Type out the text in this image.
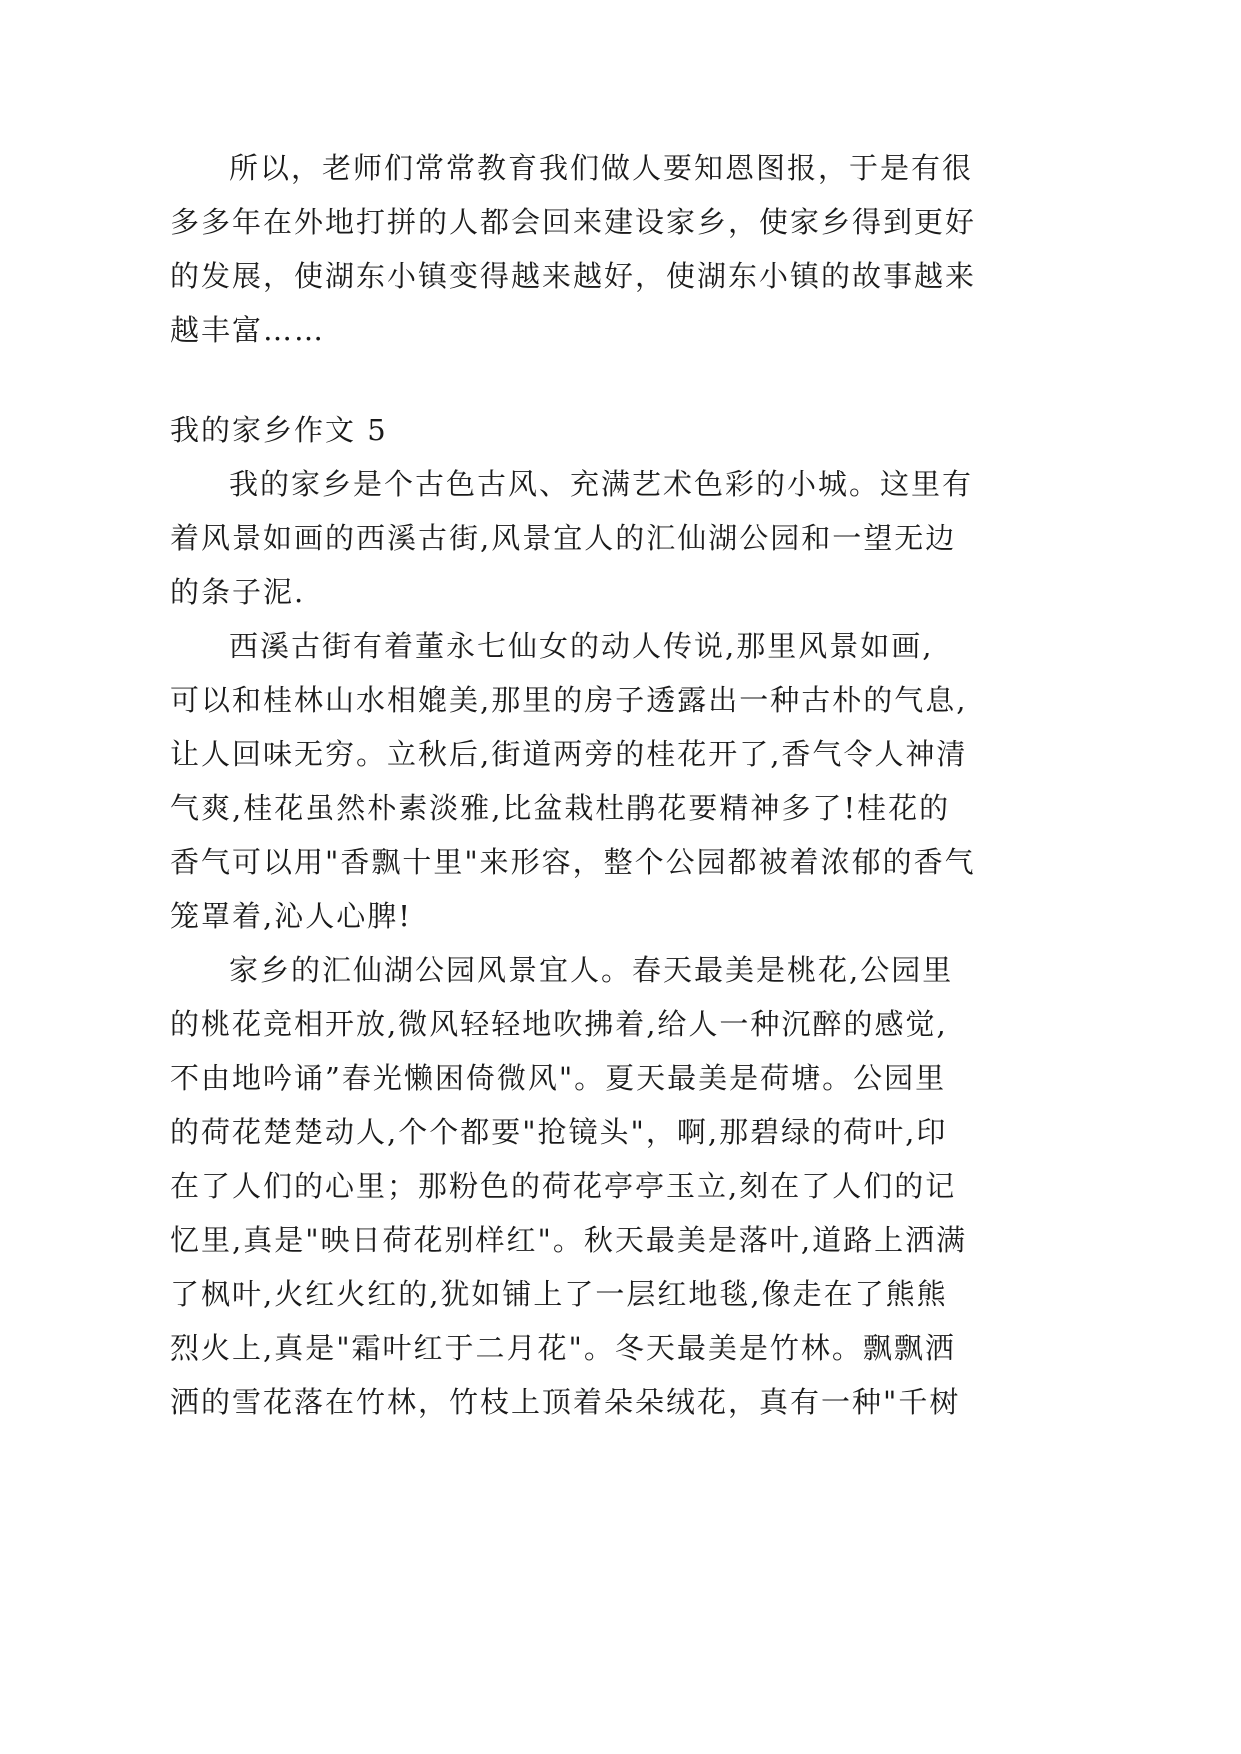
所以，老师们常常教育我们做人要知恩图报，于是有很
多多年在外地打拼的人都会回来建设家乡，使家乡得到更好
的发展，使湖东小镇变得越来越好，使湖东小镇的故事越来
越丰富……
我的家乡作文 5
我的家乡是个古色古风、充满艺术色彩的小城。这里有
着风景如画的西溪古街,风景宜人的汇仙湖公园和一望无边
的条子泥.
西溪古街有着董永七仙女的动人传说,那里风景如画,
可以和桂林山水相媲美,那里的房子透露出一种古朴的气息,
让人回味无穷。立秋后,街道两旁的桂花开了,香气令人神清
气爽,桂花虽然朴素淡雅,比盆栽杜鹃花要精神多了!桂花的
香气可以用"香飘十里"来形容，整个公园都被着浓郁的香气
笼罩着,沁人心脾!
家乡的汇仙湖公园风景宜人。春天最美是桃花,公园里
的桃花竞相开放,微风轻轻地吹拂着,给人一种沉醉的感觉,
不由地吟诵”春光懒困倚微风"。夏天最美是荷塘。公园里
的荷花楚楚动人,个个都要"抢镜头"，啊,那碧绿的荷叶,印
在了人们的心里；那粉色的荷花亭亭玉立,刻在了人们的记
忆里,真是"映日荷花别样红"。秋天最美是落叶,道路上洒满
了枫叶,火红火红的,犹如铺上了一层红地毯,像走在了熊熊
烈火上,真是"霜叶红于二月花"。冬天最美是竹林。飘飘洒
洒的雪花落在竹林，竹枝上顶着朵朵绒花，真有一种"千树
